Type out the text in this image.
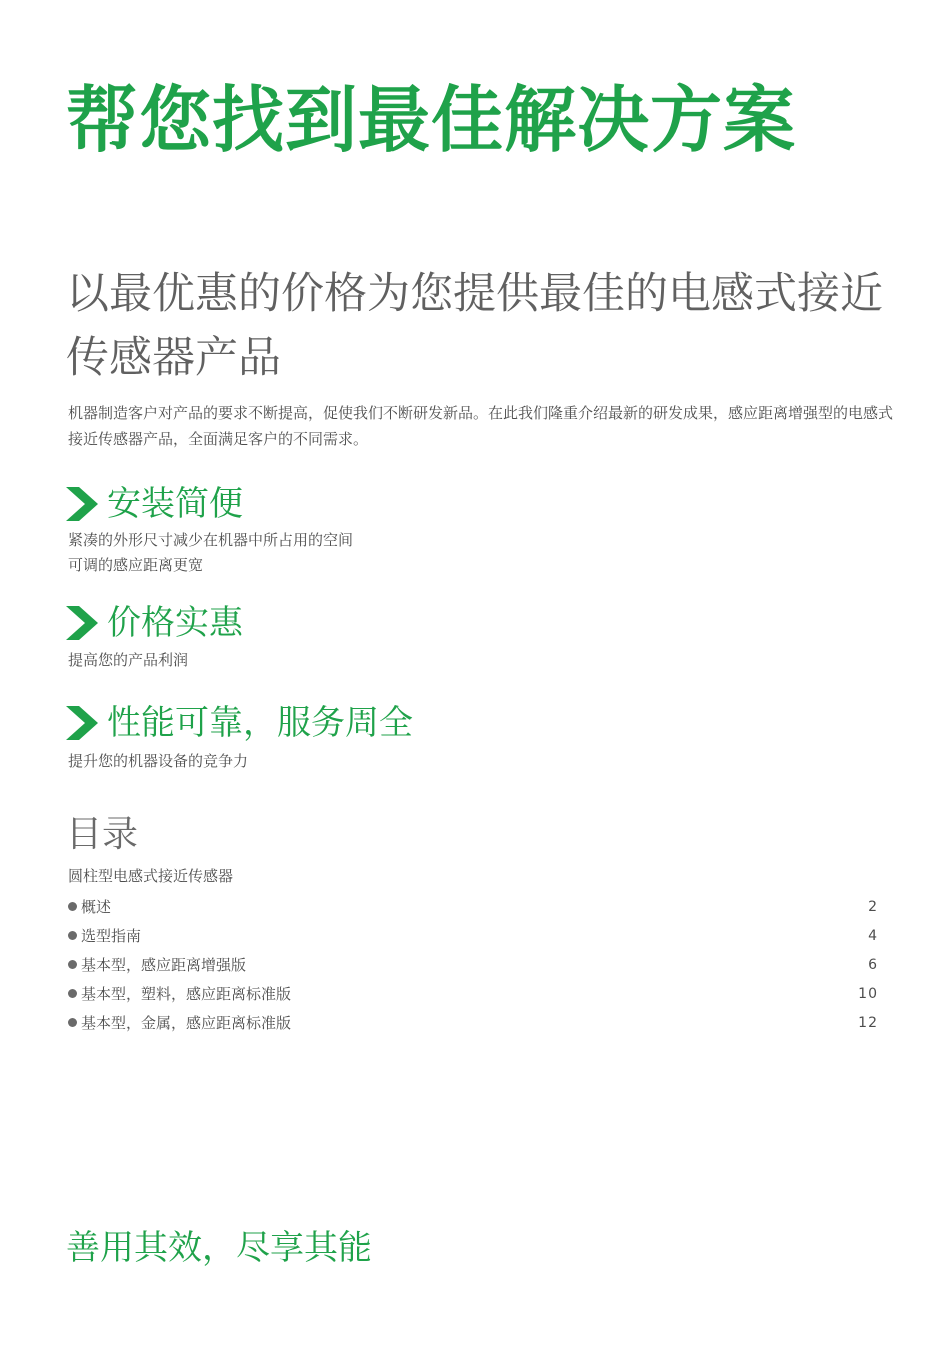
帮您找到最佳解决方案
以最优惠的价格为您提供最佳的电感式接近传感器产品

机器制造客户对产品的要求不断提高，促使我们不断研发新品。在此我们隆重介绍最新的研发成果，感应距离增强型的电感式接近传感器产品，全面满足客户的不同需求。

安装简便

紧凑的外形尺寸减少在机器中所占用的空间

可调的感应距离更宽

价格实惠

提高您的产品利润

性能可靠，服务周全

提升您的机器设备的竞争力

目录

圆柱型电感式接近传感器

概述	2
选型指南	4
基本型，感应距离增强版	6
基本型，塑料，感应距离标准版	10
基本型，金属，感应距离标准版	12
善用其效，尽享其能
